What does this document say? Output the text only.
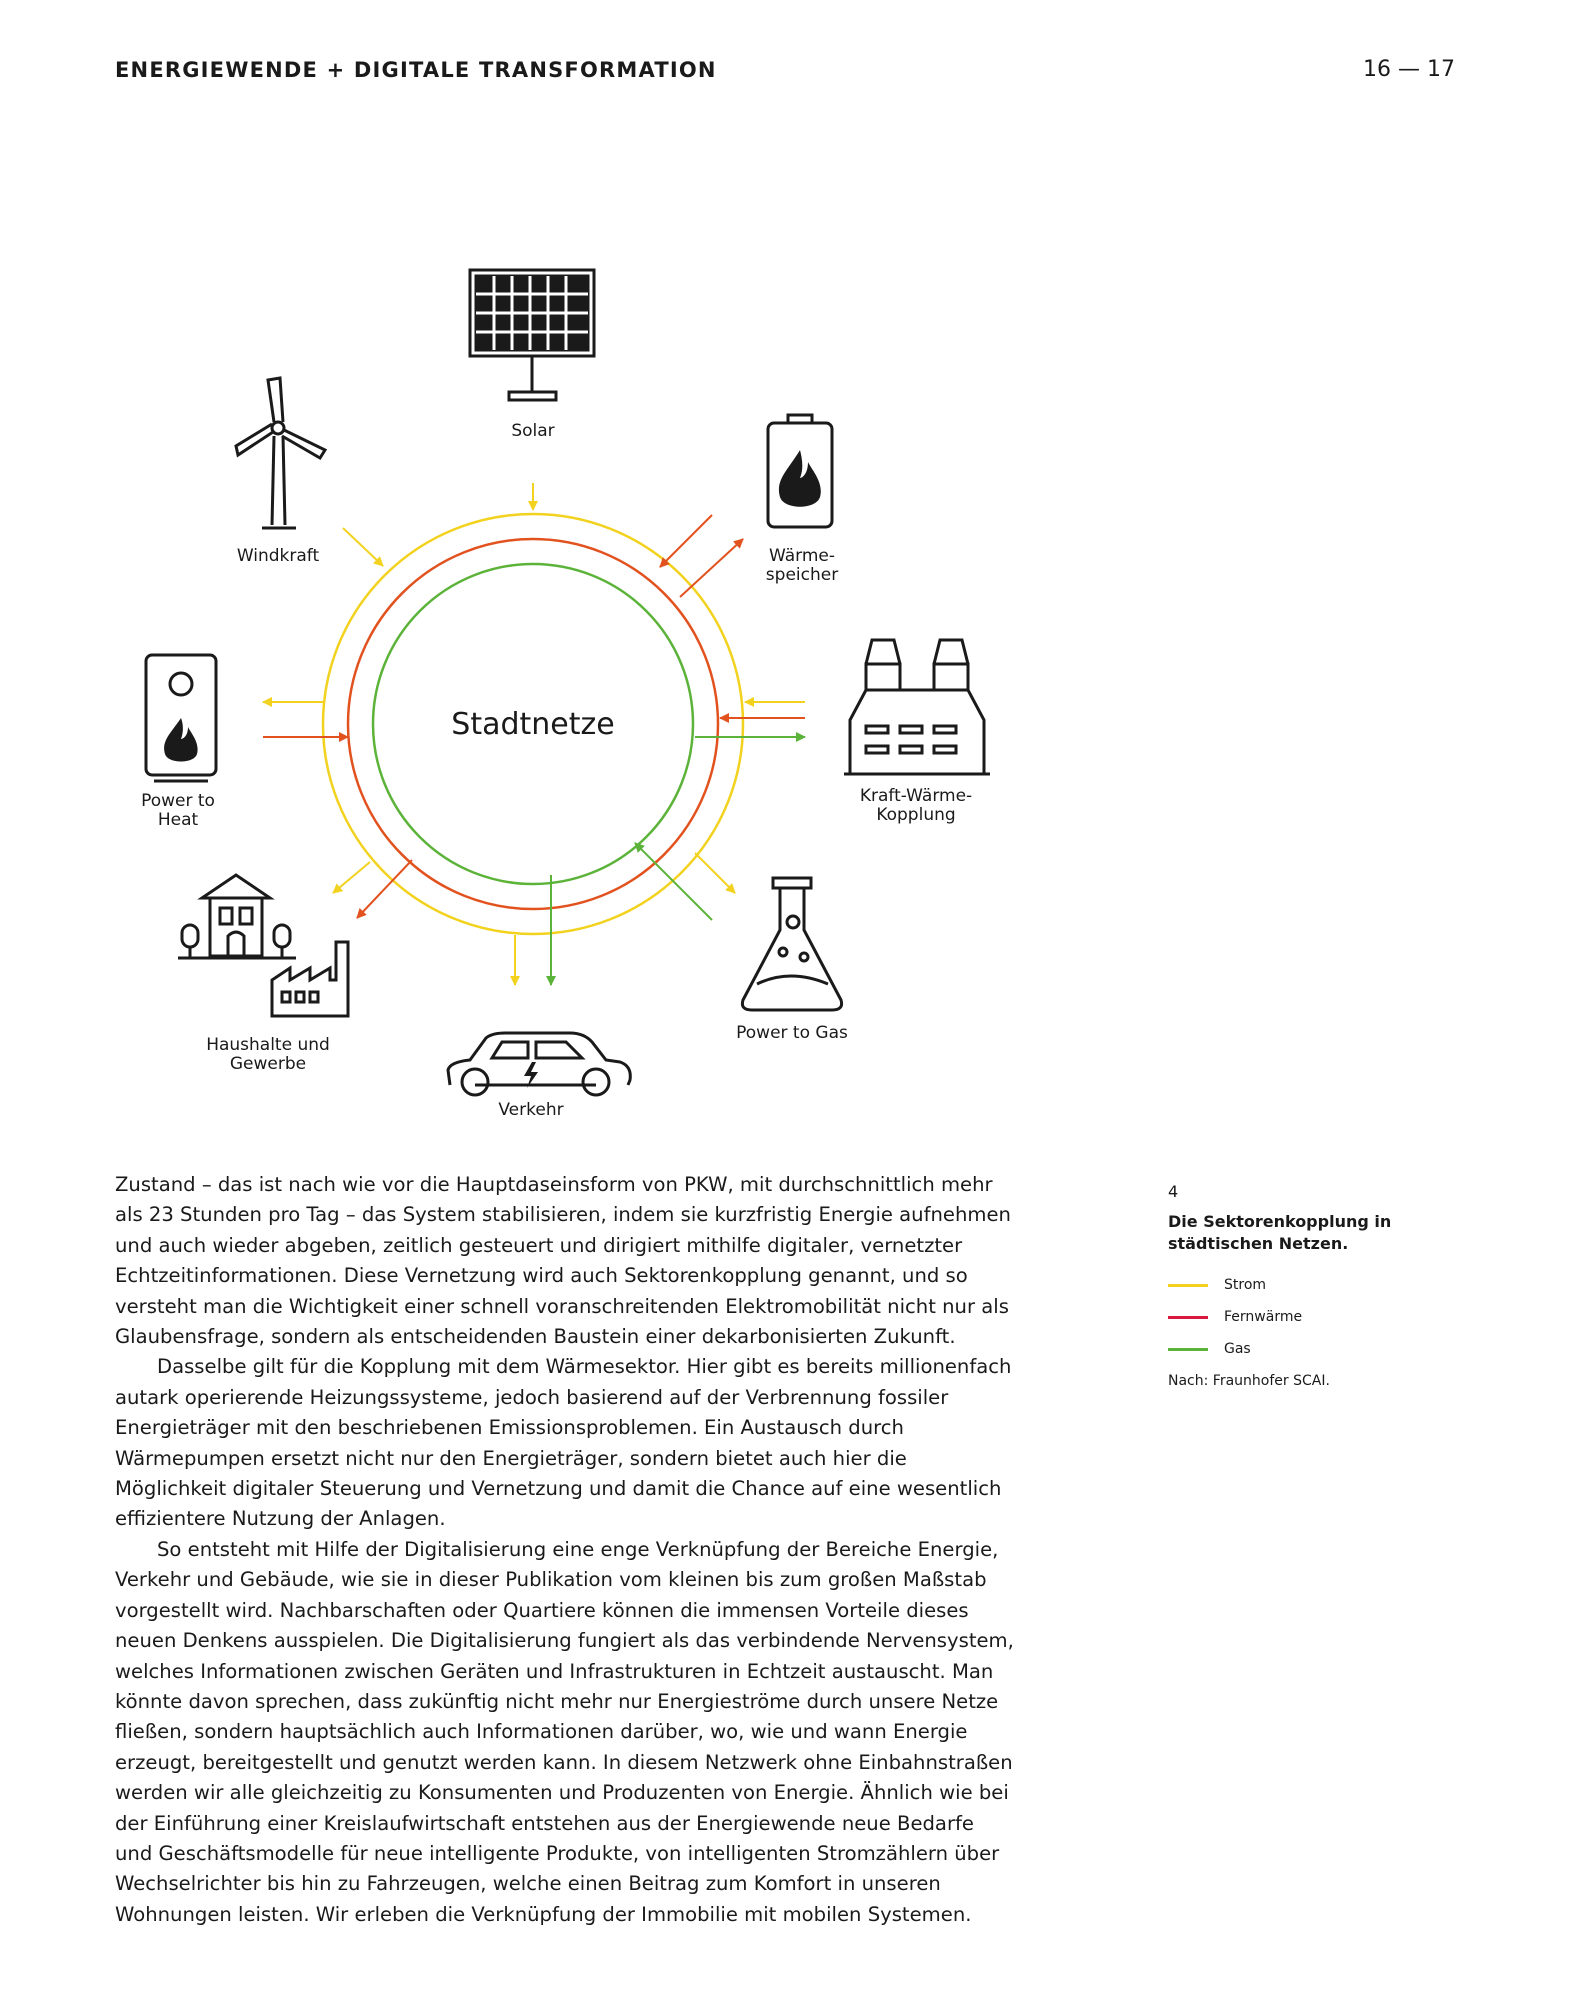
ENERGIEWENDE + DIGITALE TRANSFORMATION	16 — 17
Stadtnetze
Solar
Windkraft	Wärme-
speicher
Kraft-Wärme-
Kopplung
Power to
Heat
Power to Gas
Haushalte und
Gewerbe
Verkehr

Zustand – das ist nach wie vor die Hauptdaseinsform von PKW, mit durchschnittlich mehr als 23 Stunden pro Tag – das System stabilisieren, indem sie kurzfristig Energie aufnehmen und auch wieder abgeben, zeitlich gesteuert und dirigiert mithilfe digitaler, vernetzter Echtzeitinformationen. Diese Vernetzung wird auch Sektorenkopplung genannt, und so versteht man die Wichtigkeit einer schnell voranschreitenden Elektromobilität nicht nur als Glaubensfrage, sondern als entscheidenden Baustein einer dekarbonisierten Zukunft.

Dasselbe gilt für die Kopplung mit dem Wärmesektor. Hier gibt es bereits millionenfach autark operierende Heizungssysteme, jedoch basierend auf der Verbrennung fossiler Energieträger mit den beschriebenen Emissionsproblemen. Ein Austausch durch Wärmepumpen ersetzt nicht nur den Energieträger, sondern bietet auch hier die Möglichkeit digitaler Steuerung und Vernetzung und damit die Chance auf eine wesentlich effizientere Nutzung der Anlagen.

So entsteht mit Hilfe der Digitalisierung eine enge Verknüpfung der Bereiche Energie, Verkehr und Gebäude, wie sie in dieser Publikation vom kleinen bis zum großen Maßstab vorgestellt wird. Nachbarschaften oder Quartiere können die immensen Vorteile dieses neuen Denkens ausspielen. Die Digitalisierung fungiert als das verbindende Nervensystem, welches Informationen zwischen Geräten und Infrastrukturen in Echtzeit austauscht. Man könnte davon sprechen, dass zukünftig nicht mehr nur Energieströme durch unsere Netze fließen, sondern hauptsächlich auch Informationen darüber, wo, wie und wann Energie erzeugt, bereitgestellt und genutzt werden kann. In diesem Netzwerk ohne Einbahnstraßen werden wir alle gleichzeitig zu Konsumenten und Produzenten von Energie. Ähnlich wie bei der Einführung einer Kreislaufwirtschaft entstehen aus der Energiewende neue Bedarfe und Geschäftsmodelle für neue intelligente Produkte, von intelligenten Stromzählern über Wechselrichter bis hin zu Fahrzeugen, welche einen Beitrag zum Komfort in unseren Wohnungen leisten. Wir erleben die Verknüpfung der Immobilie mit mobilen Systemen.

4
Die Sektorenkopplung in städtischen Netzen.
Strom
Fernwärme
Gas
Nach: Fraunhofer SCAI.
